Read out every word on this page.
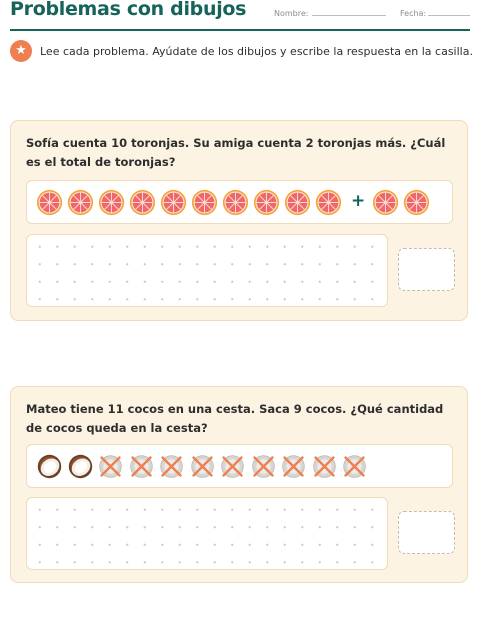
Problemas con dibujos	Nombre:	Fecha:
★	Lee cada problema. Ayúdate de los dibujos y escribe la respuesta en la casilla.
Sofía cuenta 10 toronjas. Su amiga cuenta 2 toronjas más. ¿Cuál es el total de toronjas?
+
Mateo tiene 11 cocos en una cesta. Saca 9 cocos. ¿Qué cantidad de cocos queda en la cesta?
